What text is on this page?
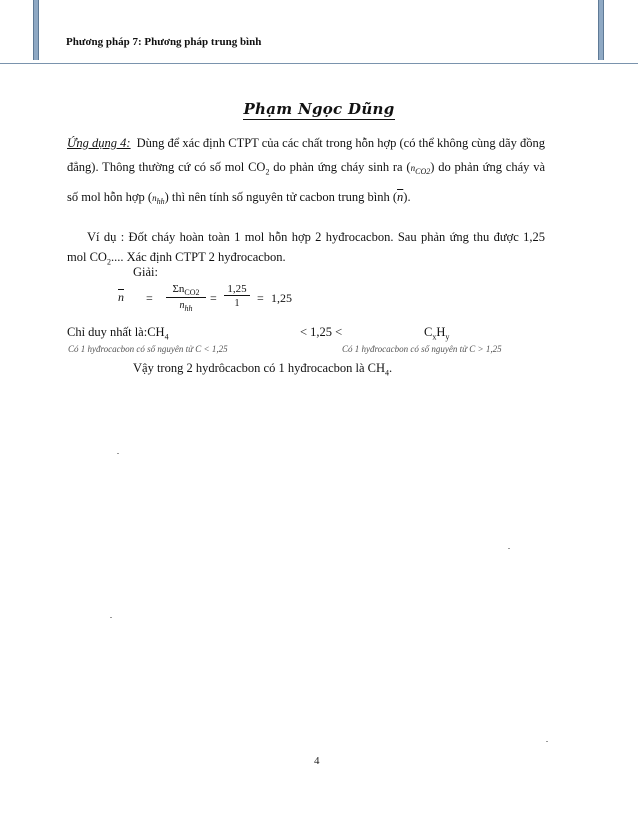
Phương pháp 7: Phương pháp trung bình
Phạm Ngọc Dũng
Ứng dụng 4: Dùng để xác định CTPT của các chất trong hỗn hợp (có thể không cùng dãy đồng đẳng). Thông thường cứ có số mol $CO_2$ do phản ứng cháy sinh ra $(n_{CO2})$ do phản ứng cháy và số mol hỗn hợp $(n_{hh})$ thì nên tính số nguyên tử cacbon trung bình $(\overline{n})$.
Ví dụ : Đốt cháy hoàn toàn 1 mol hỗn hợp 2 hyđrocacbon. Sau phản ứng thu được 1,25 mol $CO_2$.... Xác định CTPT 2 hyđrocacbon.
Giải:
$\overline{n}$ =
$\Sigma n_{CO2}$
$n_{hh}$
= $\frac{1,25}{1} = 1,25$
Chỉ duy nhất $là:CH_4$	< 1,25 <	$C_xH_y$
Có 1 hyđrocacbon có số nguyên tử C < 1,25	Có 1 hyđrocacbon có số nguyên tử C > 1,25
Vậy trong 2 hydrôcacbon có 1 hyđrocacbon là $CH_4$.
4
